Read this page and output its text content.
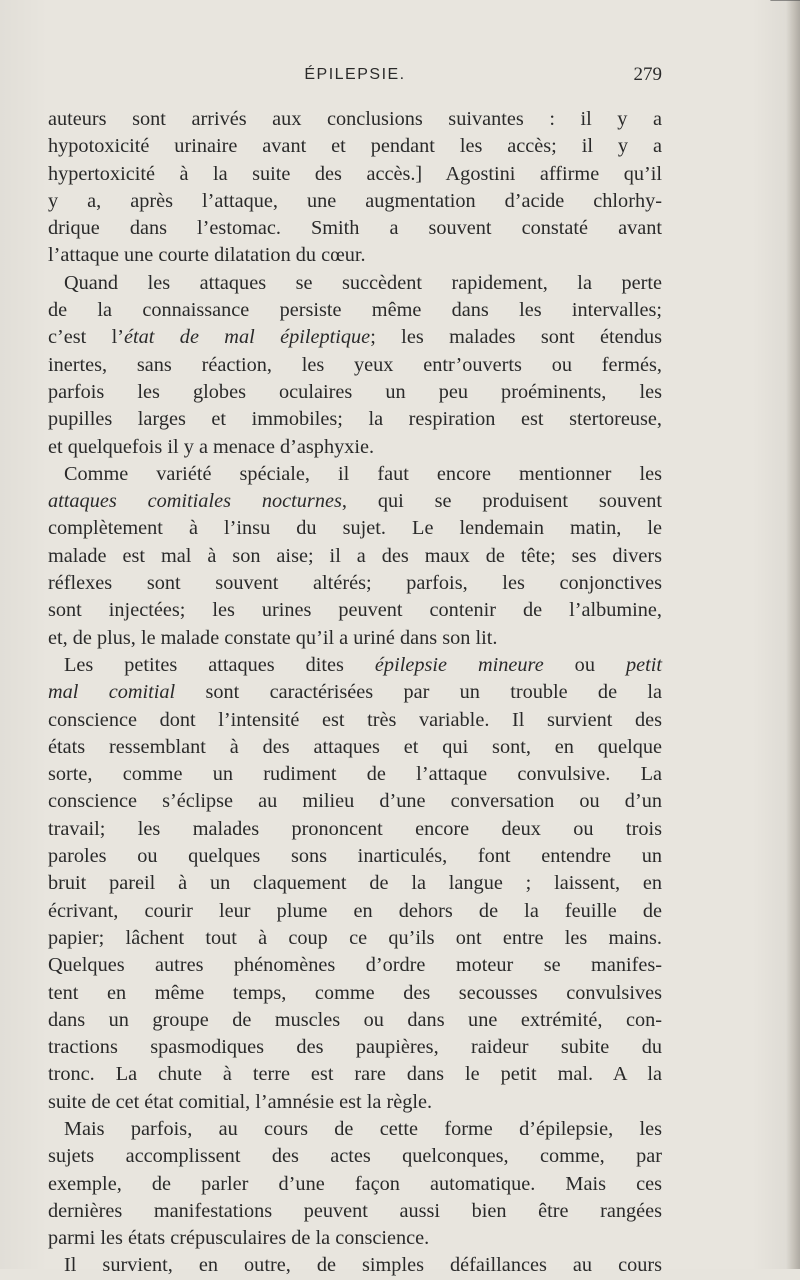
ÉPILEPSIE.	279
auteurs sont arrivés aux conclusions suivantes : il y a
hypotoxicité urinaire avant et pendant les accès; il y a
hypertoxicité à la suite des accès.] Agostini affirme qu’il
y a, après l’attaque, une augmentation d’acide chlorhy-
drique dans l’estomac. Smith a souvent constaté avant
l’attaque une courte dilatation du cœur.
Quand les attaques se succèdent rapidement, la perte
de la connaissance persiste même dans les intervalles;
c’est l’état de mal épileptique; les malades sont étendus
inertes, sans réaction, les yeux entr’ouverts ou fermés,
parfois les globes oculaires un peu proéminents, les
pupilles larges et immobiles; la respiration est stertoreuse,
et quelquefois il y a menace d’asphyxie.
Comme variété spéciale, il faut encore mentionner les
attaques comitiales nocturnes, qui se produisent souvent
complètement à l’insu du sujet. Le lendemain matin, le
malade est mal à son aise; il a des maux de tête; ses divers
réflexes sont souvent altérés; parfois, les conjonctives
sont injectées; les urines peuvent contenir de l’albumine,
et, de plus, le malade constate qu’il a uriné dans son lit.
Les petites attaques dites épilepsie mineure ou petit
mal comitial sont caractérisées par un trouble de la
conscience dont l’intensité est très variable. Il survient des
états ressemblant à des attaques et qui sont, en quelque
sorte, comme un rudiment de l’attaque convulsive. La
conscience s’éclipse au milieu d’une conversation ou d’un
travail; les malades prononcent encore deux ou trois
paroles ou quelques sons inarticulés, font entendre un
bruit pareil à un claquement de la langue ; laissent, en
écrivant, courir leur plume en dehors de la feuille de
papier; lâchent tout à coup ce qu’ils ont entre les mains.
Quelques autres phénomènes d’ordre moteur se manifes-
tent en même temps, comme des secousses convulsives
dans un groupe de muscles ou dans une extrémité, con-
tractions spasmodiques des paupières, raideur subite du
tronc. La chute à terre est rare dans le petit mal. A la
suite de cet état comitial, l’amnésie est la règle.
Mais parfois, au cours de cette forme d’épilepsie, les
sujets accomplissent des actes quelconques, comme, par
exemple, de parler d’une façon automatique. Mais ces
dernières manifestations peuvent aussi bien être rangées
parmi les états crépusculaires de la conscience.
Il survient, en outre, de simples défaillances au cours
